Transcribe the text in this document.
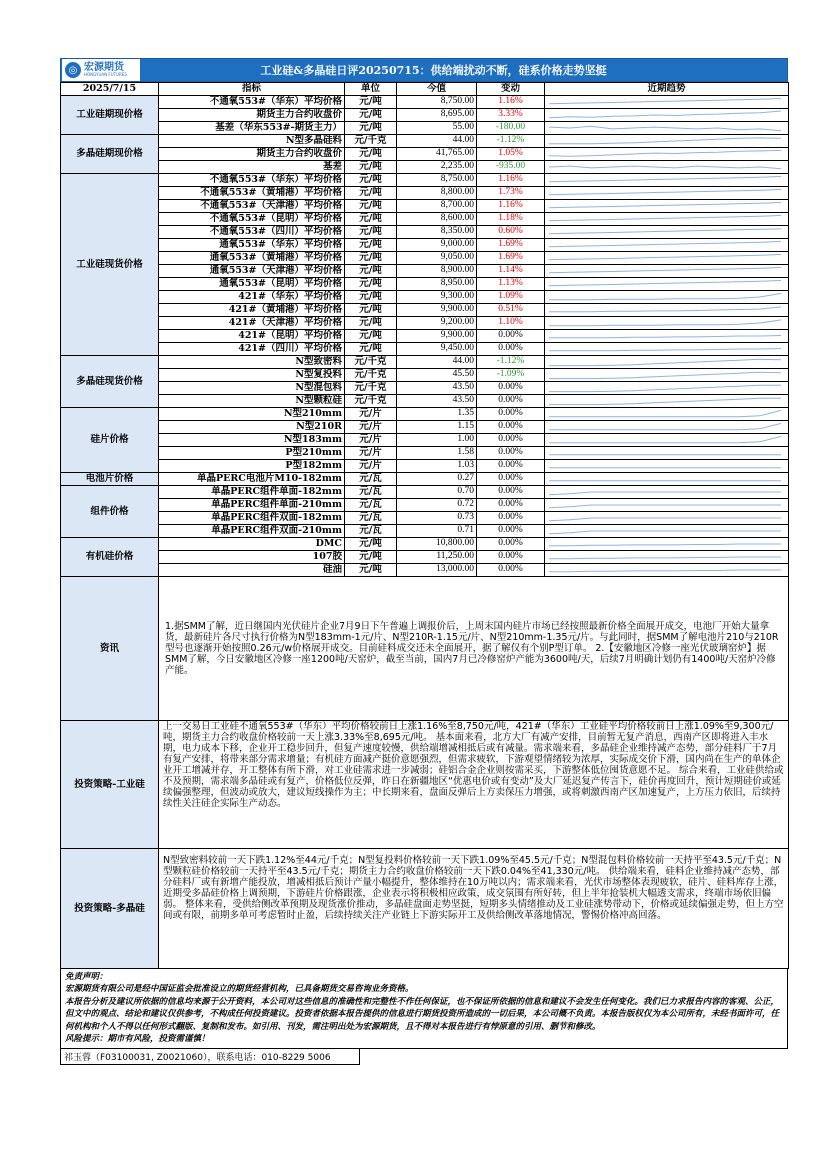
◎ 宏源期货
HONGYUAN FUTURES	工业硅&多晶硅日评20250715：供给端扰动不断，硅系价格走势坚挺
2025/7/15	指标	单位	今值	变动	近期趋势
工业硅期现价格	不通氧553#（华东）平均价格	元/吨	8,750.00	1.16%	

	期货主力合约收盘价	元/吨	8,695.00	3.33%	

	基差（华东553#-期货主力）	元/吨	55.00	-180.00	

多晶硅期现价格	N型多晶硅料	元/千克	44.00	-1.12%	

	期货主力合约收盘价	元/吨	41,765.00	1.05%	

	基差	元/吨	2,235.00	-935.00	

工业硅现货价格	不通氧553#（华东）平均价格	元/吨	8,750.00	1.16%	

	不通氧553#（黄埔港）平均价格	元/吨	8,800.00	1.73%	

	不通氧553#（天津港）平均价格	元/吨	8,700.00	1.16%	

	不通氧553#（昆明）平均价格	元/吨	8,600.00	1.18%	

	不通氧553#（四川）平均价格	元/吨	8,350.00	0.60%	

	通氧553#（华东）平均价格	元/吨	9,000.00	1.69%	

	通氧553#（黄埔港）平均价格	元/吨	9,050.00	1.69%	

	通氧553#（天津港）平均价格	元/吨	8,900.00	1.14%	

	通氧553#（昆明）平均价格	元/吨	8,950.00	1.13%	

	421#（华东）平均价格	元/吨	9,300.00	1.09%	

	421#（黄埔港）平均价格	元/吨	9,900.00	0.51%	

	421#（天津港）平均价格	元/吨	9,200.00	1.10%	

	421#（昆明）平均价格	元/吨	9,900.00	0.00%	

	421#（四川）平均价格	元/吨	9,450.00	0.00%	

多晶硅现货价格	N型致密料	元/千克	44.00	-1.12%	

	N型复投料	元/千克	45.50	-1.09%	

	N型混包料	元/千克	43.50	0.00%	

	N型颗粒硅	元/千克	43.50	0.00%	

硅片价格	N型210mm	元/片	1.35	0.00%	

	N型210R	元/片	1.15	0.00%	

	N型183mm	元/片	1.00	0.00%	

	P型210mm	元/片	1.58	0.00%	

	P型182mm	元/片	1.03	0.00%	

电池片价格	单晶PERC电池片M10-182mm	元/瓦	0.27	0.00%	

组件价格	单晶PERC组件单面-182mm	元/瓦	0.70	0.00%	

	单晶PERC组件单面-210mm	元/瓦	0.72	0.00%	

	单晶PERC组件双面-182mm	元/瓦	0.73	0.00%	

	单晶PERC组件双面-210mm	元/瓦	0.71	0.00%	

有机硅价格	DMC	元/吨	10,800.00	0.00%	

	107胶	元/吨	11,250.00	0.00%	

	硅油	元/吨	13,000.00	0.00%	

资讯	1.据SMM了解，近日继国内光伏硅片企业7月9日下午普遍上调报价后，上周末国内硅片市场已经按照最新价格全面展开成交，电池厂开始大量拿货，最新硅片各尺寸执行价格为N型183mm-1元/片、N型210R-1.15元/片、N型210mm-1.35元/片。与此同时，据SMM了解电池片210与210R型号也逐渐开始按照0.26元/w价格展开成交。目前硅料成交还未全面展开，据了解仅有个别P型订单。 2.【安徽地区冷修一座光伏玻璃窑炉】据SMM了解，今日安徽地区冷修一座1200吨/天窑炉，截至当前，国内7月已冷修窑炉产能为3600吨/天，后续7月明确计划仍有1400吨/天窑炉冷修产能。				
投资策略-工业硅	上一交易日工业硅不通氧553#（华东）平均价格较前日上涨1.16%至8,750元/吨，421#（华东）工业硅平均价格较前日上涨1.09%至9,300元/吨，期货主力合约收盘价格较前一天上涨3.33%至8,695元/吨。 基本面来看，北方大厂有减产安排，目前暂无复产消息，西南产区即将进入丰水期，电力成本下移，企业开工稳步回升，但复产速度较慢，供给端增减相抵后或有减量。需求端来看，多晶硅企业维持减产态势，部分硅料厂于7月有复产安排，将带来部分需求增量；有机硅方面减产挺价意愿强烈，但需求疲软，下游观望情绪较为浓厚，实际成交价下滑，国内尚在生产的单体企业开工增减并存，开工整体有所下滑，对工业硅需求进一步减弱；硅铝合金企业则按需采买，下游整体低位囤货意愿不足。 综合来看，工业硅供给或不及预期，需求端多晶硅或有复产，价格低位反弹，昨日在新疆地区“优惠电价或有变动”及大厂延迟复产传言下，硅价再度回升，预计短期硅价或延续偏强整理，但波动或放大，建议短线操作为主；中长期来看，盘面反弹后上方卖保压力增强，或将刺激西南产区加速复产，上方压力依旧，后续持续性关注硅企实际生产动态。				
投资策略-多晶硅	N型致密料较前一天下跌1.12%至44元/千克；N型复投料价格较前一天下跌1.09%至45.5元/千克；N型混包料价格较前一天持平至43.5元/千克；N型颗粒硅价格较前一天持平至43.5元/千克；期货主力合约收盘价格较前一天下跌0.04%至41,330元/吨。 供给端来看，硅料企业维持减产态势，部分硅料厂或有新增产能投放，增减相抵后预计产量小幅提升，整体维持在10万吨以内；需求端来看，光伏市场整体表现疲软，硅片、硅料库存上涨，近期受多晶硅价格上调预期，下游硅片价格跟涨，企业表示将积极相应政策，成交氛围有所好转，但上半年抢装机大幅透支需求，终端市场依旧偏弱。 整体来看，受供给侧改革预期及现货涨价推动，多晶硅盘面走势坚挺，短期多头情绪推动及工业硅涨势带动下，价格或延续偏强走势，但上方空间或有限，前期多单可考虑暂时止盈，后续持续关注产业链上下游实际开工及供给侧改革落地情况，警惕价格冲高回落。				
免责声明：
宏源期货有限公司是经中国证监会批准设立的期货经营机构，已具备期货交易咨询业务资格。
本报告分析及建议所依据的信息均来源于公开资料，本公司对这些信息的准确性和完整性不作任何保证，也不保证所依据的信息和建议不会发生任何变化。我们已力求报告内容的客观、公正，但文中的观点、结论和建议仅供参考，不构成任何投资建议。投资者依据本报告提供的信息进行期货投资所造成的一切后果，本公司概不负责。本报告版权仅为本公司所有，未经书面许可，任何机构和个人不得以任何形式翻版、复制和发布。如引用、刊发，需注明出处为宏源期货，且不得对本报告进行有悖原意的引用、删节和修改。
风险提示：期市有风险，投资需谨慎！
祁玉蓉（F03100031, Z0021060），联系电话：010-8229 5006
